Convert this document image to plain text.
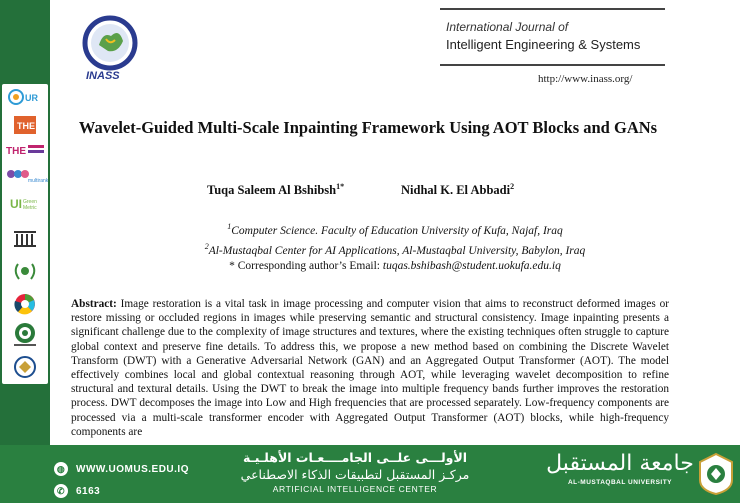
UR
THE
THE
multirank
UI Green
Metric
INASS
International Journal of
Intelligent Engineering & Systems
http://www.inass.org/
Wavelet-Guided Multi-Scale Inpainting Framework Using AOT Blocks and GANs
Tuqa Saleem Al Bshibsh$^{1*}$	Nidhal K. El Abbadi$^2$
$^1$Computer Science. Faculty of Education University of Kufa, Najaf, Iraq
$^2$Al-Mustaqbal Center for AI Applications, Al-Mustaqbal University, Babylon, Iraq
* Corresponding author’s Email: tuqas.bshibash@student.uokufa.edu.iq
Abstract: Image restoration is a vital task in image processing and computer vision that aims to reconstruct deformed images or restore missing or occluded regions in images while preserving semantic and structural consistency. Image inpainting presents a significant challenge due to the complexity of image structures and textures, where the existing techniques often struggle to capture global context and preserve fine details. To address this, we propose a new method based on combining the Discrete Wavelet Transform (DWT) with a Generative Adversarial Network (GAN) and an Aggregated Output Transformer (AOT). The model effectively combines local and global contextual reasoning through AOT, while leveraging wavelet decomposition to refine structural and textural details. Using the DWT to break the image into multiple frequency bands further improves the restoration process. DWT decomposes the image into Low and High frequencies that are processed separately. Low-frequency components are processed via a multi-scale transformer encoder with Aggregated Output Transformer (AOT) blocks, while high-frequency components are
◍ WWW.UOMUS.EDU.IQ
✆ 6163
الأولـــى علــى الجامــــعـات الأهلـيـة
مركـز المستقبل لتطبيقات الذكاء الاصطناعي
ARTIFICIAL INTELLIGENCE CENTER
جامعة المستقبل
AL-MUSTAQBAL UNIVERSITY
